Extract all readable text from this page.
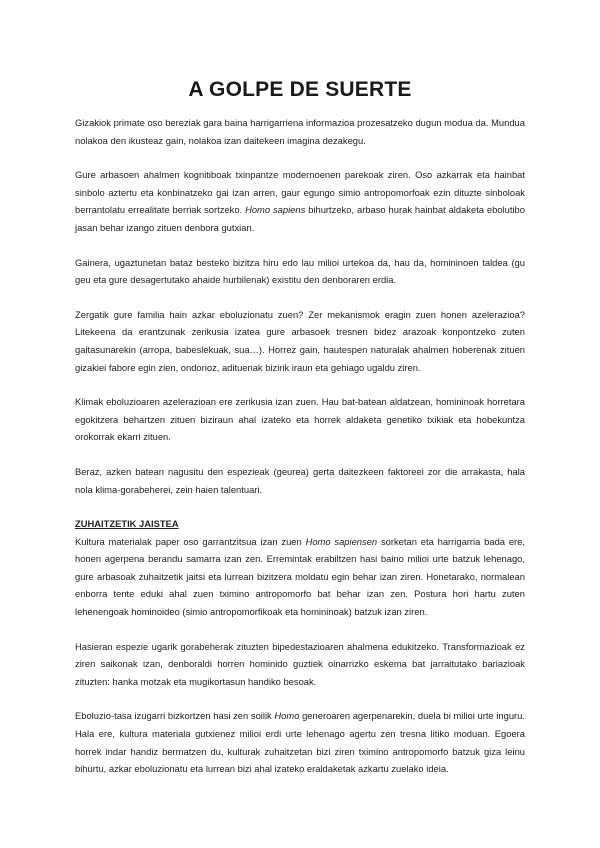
A GOLPE DE SUERTE

Gizakiok primate oso bereziak gara baina harrigarriena informazioa prozesatzeko dugun modua da. Mundua nolakoa den ikusteaz gain, nolakoa izan daitekeen imagina dezakegu.

Gure arbasoen ahalmen kognitiboak txinpantze modernoenen parekoak ziren. Oso azkarrak eta hainbat sinbolo aztertu eta konbinatzeko gai izan arren, gaur egungo simio antropomorfoak ezin dituzte sinboloak berrantolatu errealitate berriak sortzeko. Homo sapiens bihurtzeko, arbaso hurak hainbat aldaketa ebolutibo jasan behar izango zituen denbora gutxian.

Gainera, ugaztunetan bataz besteko bizitza hiru edo lau milioi urtekoa da, hau da, homininoen taldea (gu geu eta gure desagertutako ahaide hurbilenak) existitu den denboraren erdia.

Zergatik gure familia hain azkar eboluzionatu zuen? Zer mekanismok eragin zuen honen azelerazioa? Litekeena da erantzunak zerikusia izatea gure arbasoek tresnen bidez arazoak konpontzeko zuten gaitasunarekin (arropa, babeslekuak, sua…). Horrez gain, hautespen naturalak ahalmen hoberenak zituen gizakiei fabore egin zien, ondorioz, adituenak bizirik iraun eta gehiago ugaldu ziren.

Klimak eboluzioaren azelerazioan ere zerikusia izan zuen. Hau bat-batean aldatzean, homininoak horretara egokitzera behartzen zituen biziraun ahal izateko eta horrek aldaketa genetiko txikiak eta hobekuntza orokorrak ekarri zituen.

Beraz, azken batean nagusitu den espezieak (geurea) gerta daitezkeen faktoreei zor die arrakasta, hala nola klima-gorabeherei, zein haien talentuari.

ZUHAITZETIK JAISTEA

Kultura materialak paper oso garrantzitsua izan zuen Homo sapiensen sorketan eta harrigarria bada ere, honen agerpena berandu samarra izan zen. Erremintak erabiltzen hasi baino milioi urte batzuk lehenago, gure arbasoak zuhaitzetik jaitsi eta lurrean bizitzera moldatu egin behar izan ziren. Honetarako, normalean enborra tente eduki ahal zuen tximino antropomorfo bat behar izan zen. Postura hori hartu zuten lehenengoak hominoideo (simio antropomorfikoak eta homininoak) batzuk izan ziren.

Hasieran espezie ugarik gorabeherak zituzten bipedestazioaren ahalmena edukitzeko. Transformazioak ez ziren saikonak izan, denboraldi horren hominido guztiek oinarrizko eskema bat jarraitutako bariazioak zituzten: hanka motzak eta mugikortasun handiko besoak.

Eboluzio-tasa izugarri bizkortzen hasi zen soilik Homo generoaren agerpenarekin, duela bi milioi urte inguru. Hala ere, kultura materiala gutxienez milioi erdi urte lehenago agertu zen tresna litiko moduan. Egoera horrek indar handiz bermatzen du, kulturak zuhaitzetan bizi ziren tximino antropomorfo batzuk giza leinu bihurtu, azkar eboluzionatu eta lurrean bizi ahal izateko eraldaketak azkartu zuelako ideia.
